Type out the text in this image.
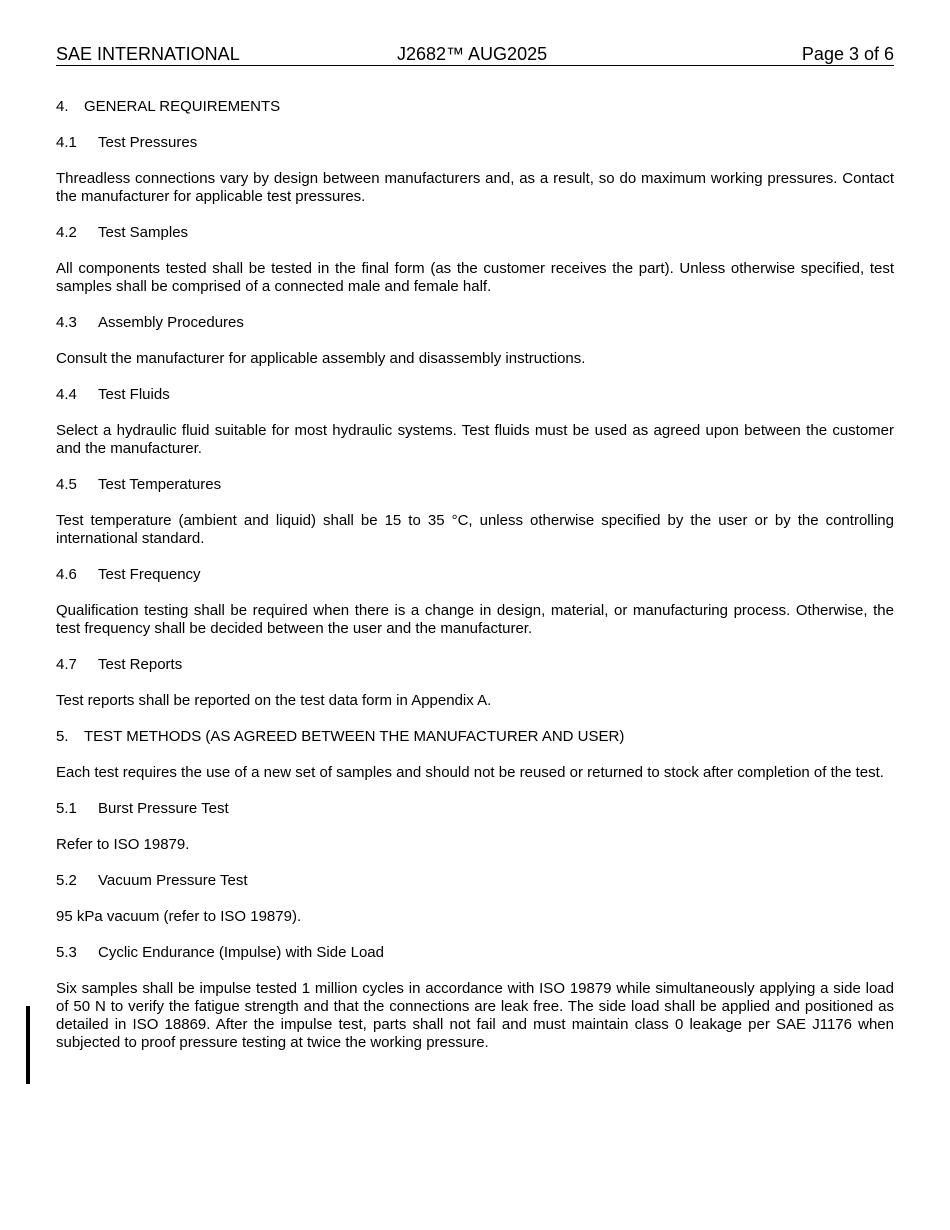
SAE INTERNATIONAL	J2682™ AUG2025	Page 3 of 6
4. GENERAL REQUIREMENTS
4.1 Test Pressures

Threadless connections vary by design between manufacturers and, as a result, so do maximum working pressures. Contact the manufacturer for applicable test pressures.

4.2 Test Samples

All components tested shall be tested in the final form (as the customer receives the part). Unless otherwise specified, test samples shall be comprised of a connected male and female half.

4.3 Assembly Procedures

Consult the manufacturer for applicable assembly and disassembly instructions.

4.4 Test Fluids

Select a hydraulic fluid suitable for most hydraulic systems. Test fluids must be used as agreed upon between the customer and the manufacturer.

4.5 Test Temperatures

Test temperature (ambient and liquid) shall be 15 to 35 °C, unless otherwise specified by the user or by the controlling international standard.

4.6 Test Frequency

Qualification testing shall be required when there is a change in design, material, or manufacturing process. Otherwise, the test frequency shall be decided between the user and the manufacturer.

4.7 Test Reports

Test reports shall be reported on the test data form in Appendix A.

5. TEST METHODS (AS AGREED BETWEEN THE MANUFACTURER AND USER)

Each test requires the use of a new set of samples and should not be reused or returned to stock after completion of the test.

5.1 Burst Pressure Test

Refer to ISO 19879.

5.2 Vacuum Pressure Test

95 kPa vacuum (refer to ISO 19879).

5.3 Cyclic Endurance (Impulse) with Side Load

Six samples shall be impulse tested 1 million cycles in accordance with ISO 19879 while simultaneously applying a side load of 50 N to verify the fatigue strength and that the connections are leak free. The side load shall be applied and positioned as detailed in ISO 18869. After the impulse test, parts shall not fail and must maintain class 0 leakage per SAE J1176 when subjected to proof pressure testing at twice the working pressure.
